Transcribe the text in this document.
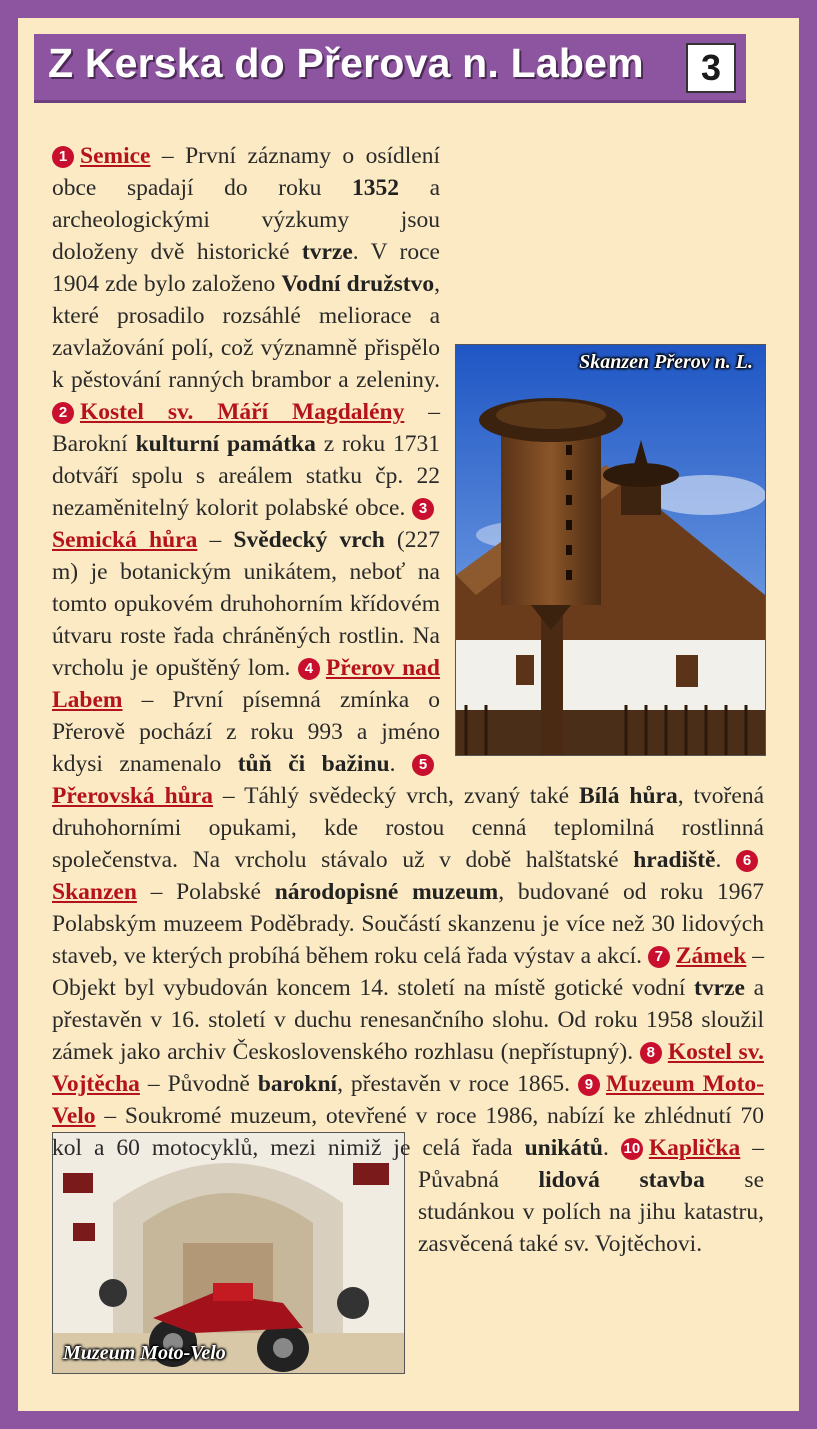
Z Kerska do Přerova n. Labem	3
Skanzen Přerov n. L.
Muzeum Moto-Velo
1 Semice – První záznamy o osídlení obce spadají do roku 1352 a archeologickými výzkumy jsou doloženy dvě historické tvrze. V roce 1904 zde bylo založeno Vodní družstvo, které prosadilo rozsáhlé meliorace a zavlažování polí, což významně přispělo k pěstování ranných brambor a zeleniny. 2 Kostel sv. Máří Magdalény – Barokní kulturní památka z roku 1731 dotváří spolu s areálem statku čp. 22 nezaměnitelný kolorit polabské obce. 3Semická hůra – Svědecký vrch (227 m) je botanickým unikátem, neboť na tomto opukovém druhohorním křídovém útvaru roste řada chráněných rostlin. Na vrcholu je opuštěný lom. 4 Přerov nad Labem – První písemná zmínka o Přerově pochází z roku 993 a jméno kdysi znamenalo tůň či bažinu. 5Přerovská hůra – Táhlý svědecký vrch, zvaný také Bílá hůra, tvořená druhohorními opukami, kde rostou cenná teplomilná rostlinná společenstva. Na vrcholu stávalo už v době halštatské hradiště. 6Skanzen – Polabské národopisné muzeum, budované od roku 1967 Polabským muzeem Poděbrady. Součástí skanzenu je více než 30 lidových staveb, ve kterých probíhá během roku celá řada výstav a akcí. 7 Zámek – Objekt byl vybudován koncem 14. století na místě gotické vodní tvrze a přestavěn v 16. století v duchu renesančního slohu. Od roku 1958 sloužil zámek jako archiv Československého rozhlasu (nepřístupný). 8 Kostel sv. Vojtěcha – Původně barokní, přestavěn v roce 1865. 9 Muzeum Moto-Velo – Soukromé muzeum, otevřené v roce 1986, nabízí ke zhlédnutí 70 kol a 60 motocyklů, mezi nimiž je celá řada
unikátů. 10 Kaplička – Půvabná lidová stavba se studánkou v polích na jihu katastru, zasvěcená také sv. Vojtěchovi.
